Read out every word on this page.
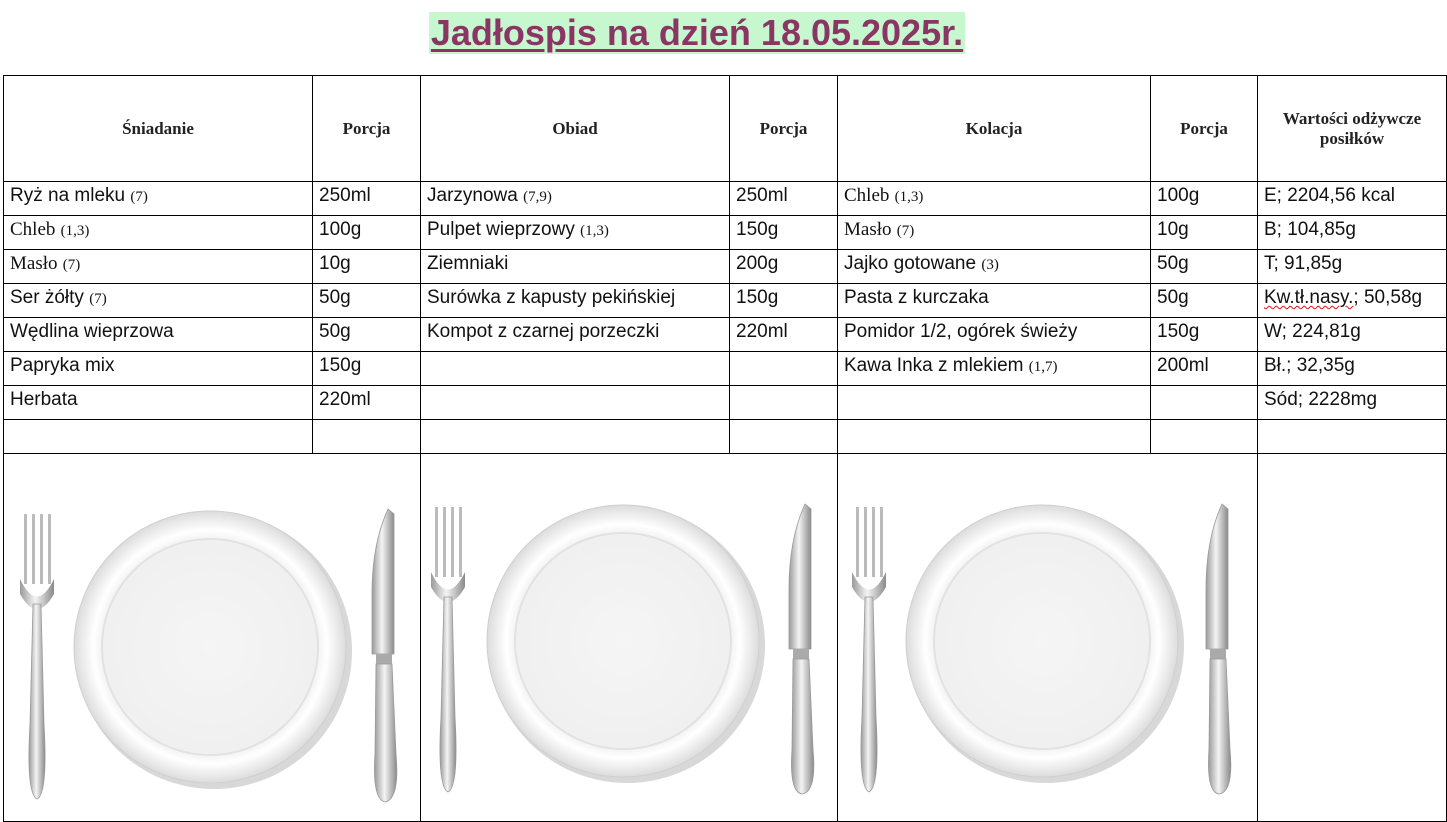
Jadłospis na dzień 18.05.2025r.
Śniadanie	Porcja	Obiad	Porcja	Kolacja	Porcja	Wartości odżywcze posiłków
Ryż na mleku (7)	250ml	Jarzynowa (7,9)	250ml	Chleb (1,3)	100g	E; 2204,56 kcal
Chleb (1,3)	100g	Pulpet wieprzowy (1,3)	150g	Masło (7)	10g	B; 104,85g
Masło (7)	10g	Ziemniaki	200g	Jajko gotowane (3)	50g	T; 91,85g
Ser żółty (7)	50g	Surówka z kapusty pekińskiej	150g	Pasta z kurczaka	50g	Kw.tł.nasy.; 50,58g
Wędlina wieprzowa	50g	Kompot z czarnej porzeczki	220ml	Pomidor 1/2, ogórek świeży	150g	W; 224,81g
Papryka mix	150g			Kawa Inka z mlekiem (1,7)	200ml	Bł.; 32,35g
Herbata	220ml					Sód; 2228mg
